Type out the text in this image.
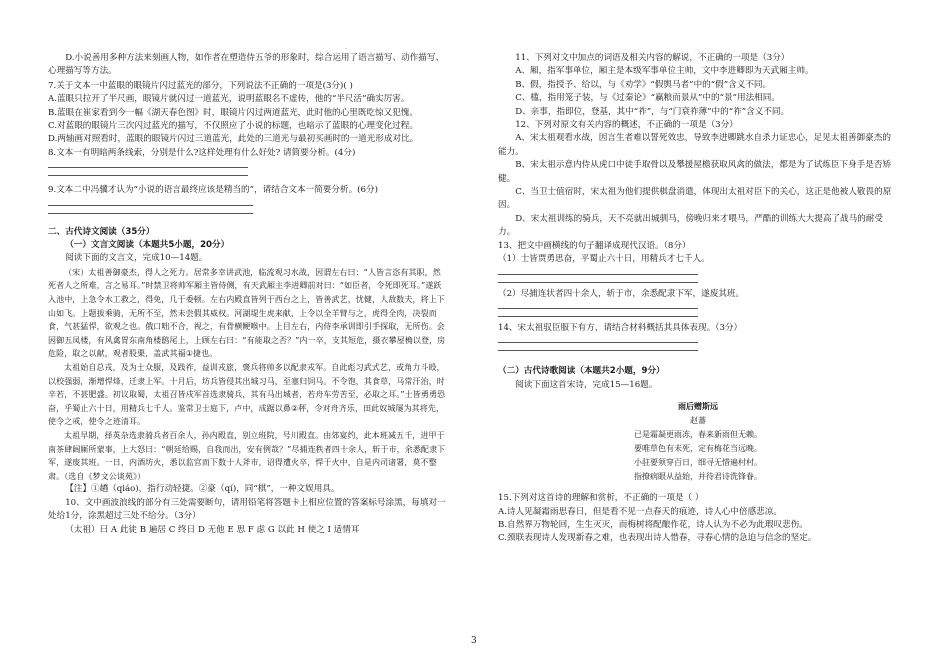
·

D.小说善用多种方法来刻画人物，如作者在塑造侍五爷的形象时，综合运用了语言描写、动作描写、心理描写等方法。

7.关于文本一中蓝眼的眼镜片闪过蓝光的部分，下列说法不正确的一项是(3分)( )

A.蓝眼只拉开了半尺画，眼镜片就闪过一道蓝光，说明蓝眼名不虚传，他的“半尺活”确实厉害。

B.蓝眼在崔家看到今一幅《湖天春色图》时，眼镜片闪过两道蓝光，此时他的心里既吃惊又犯愧。

C.对蓝眼的眼镜片三次闪过蓝光的描写，不仅照应了小说的标题，也暗示了蓝眼的心理变化过程。

D.两轴画对照看时，蓝眼的眼镜片闪过三道蓝光，此处的三道光与最初买画时的一道光形成对比。

8.文本一有明暗两条线索，分别是什么?这样处理有什么好处? 请简要分析。(4分)

9.文本二中冯骥才认为“小说的语言最终应该是精当的”，请结合文本一简要分析。(6分)

二、古代诗文阅读（35分）

（一）文言文阅读（本题共5小题，20分）

阅读下面的文言文，完成10—14题。

（宋）太祖善御豪杰，得人之死力。居常多幸讲武池，临流观习水战，因谓左右曰：“人皆言恣有其职，然死者人之所难，言之易耳。”时禁卫将帅军厢主皆侍侧，有天武厢主李进卿前对曰：“如臣者，令死即死耳。”遂跃入池中，上急令水工救之，得免，几于委顿。左右内殿直皆列于西台之上，皆善武艺，忧健，人敌数夫，将上下山如飞。上题拔乘骑，无所不至，然未尝假其威权。河湖堤生虎来献，上令以全羊臂与之，虎得全肉，决裂而食，气甚猛悍，欲观之也。俄口咄不合，视之，有骨横鲠喉中。上目左右，内侍李承训即引手探取，无所伤。会因御五凤楼，有风禽胃东南角楼鸱尾上，上顾左右曰：“有能取之否？”内一卒，支其短危，摄衣攀屋桷以登，房危险，取之以献，观者股栗，盖武其福①捷也。

太祖始自总戎，及为士众服，及践祚，益训戎旅，褒兵将帅多以配隶戎军。自此彪习武式艺，或角力斗殴，以校强弱，渐增悍烽，迁隶上军。十月后，坊兵皆侵其出城习马，至塞归饲马。不令饱，其食草，马常汗治，时辛若，不甚肥盛。初议取蜀，太祖召皆戍军首选隶骑兵，其有马出城者，若舟车劳苦至，必取之耳。”士皆勇勇恐奋，乎蜀止六十日，用精兵七千人。鉴常卫士庭下，卢中，成踞以鼻②秤，令对舟齐乐，田此奴城屡为其将先，使令之戒，使令之迹清耳。

太祖早期，择英杂选隶骑兵者百余人，孙内殿直，别立班院，号川殿直。由郊宴约，此本班减五千，进甲于南茶肆阔厮所蒙事，上大怒曰：“朝廷给赐，自我而出，安有例哉？”尽捕连秩者四十余人，斩于市，余悉配隶下军，遂废其班。一日，内酒坊火，悉以监官而下数十人斧市，诏得遭火卒，悍于火中，自是内司诸署，莫不整肃。（选自《梦文公谈苑》）

【注】①趫（qiáo)，指行动轻捷。②豪（qí)，同“棋”，一种文娱用具。

10、文中画波浪线的部分有三处需要断句，请用铅笔将答题卡上相应位置的答案标号涂黑，每填对一处给1分，涂黑超过三处不给分。（3分）

（太祖）曰 A 此徒 B 遍居 C 终日 D 无他 E 思 F 虑 G 以此 H 使之 I 适情耳

11、下列对文中加点的词语及相关内容的解说，不正确的一项是（3分）

A、厢，指军事单位，厢主是本级军事单位主帅，文中李进卿即为天武厢主帅。

B、假，指授予、给以，与《劝学》“假舆马者”中的“假”含义不同。

C、槛，指用笼子装，与《过秦论》“赢粮而景从”中的“景”用法相同。

D、亲事，指即位，登基，其中“祚”，与“门衰祚薄”中的“祚”含义不同。

12、下列对原文有关内容的概述，不正确的一项是（3分）

A、宋太祖观看水战，因言生者难以誓死效忠，导致李进卿跳水自杀力证忠心，足见太祖善御豪杰的能力。

B、宋太祖示意内侍从虎口中徒手取骨以及攀援屋檐获取风禽的做法，都是为了试炼臣下身手是否矫健。

C、当卫士值宿时，宋太祖为他们提供棋盘消遣，体现出太祖对臣下的关心，这正是他被人敬畏的原因。

D、宋太祖训练的骑兵，天不亮就出城驯马，傍晚归来才喂马，严酷的训练大大提高了战马的耐受力。

13、把文中画横线的句子翻译成现代汉语。（8分）

（1）士皆贾勇思奋，平蜀止六十日，用精兵才七千人。

（2）尽捕连状者四十余人，斩于市，余悉配隶下军，遂废其班。

14、宋太祖驭臣服下有方，请结合材料概括其具体表现。（3分）

（二）古代诗歌阅读（本题共2小题，9分）

阅读下面这首宋诗，完成15—16题。

雨后赠斯远

赵蕃

已是霜凝更雨冻，春来新雨但无赖。

要唯草色有未死，定有梅花当远晚。

小驻要须穿百日，细寻无惜遍村村。

指撩病眼从益始，并待君诗洗锋眷。

15.下列对这首诗的理解和赏析，不正确的一项是（ ）

A.诗人见凝霜雨思春日，但是看不见一点春天的痕迹，诗人心中倍感悲凉。

B.自然界万物轮回，生生灭灭，而梅树将配酿作花，诗人认为不必为此瑕叹悲伤。

C.颈联表现诗人发现新春之难，也表现出诗人惜春，寻春心情的急迫与信念的坚定。

3
